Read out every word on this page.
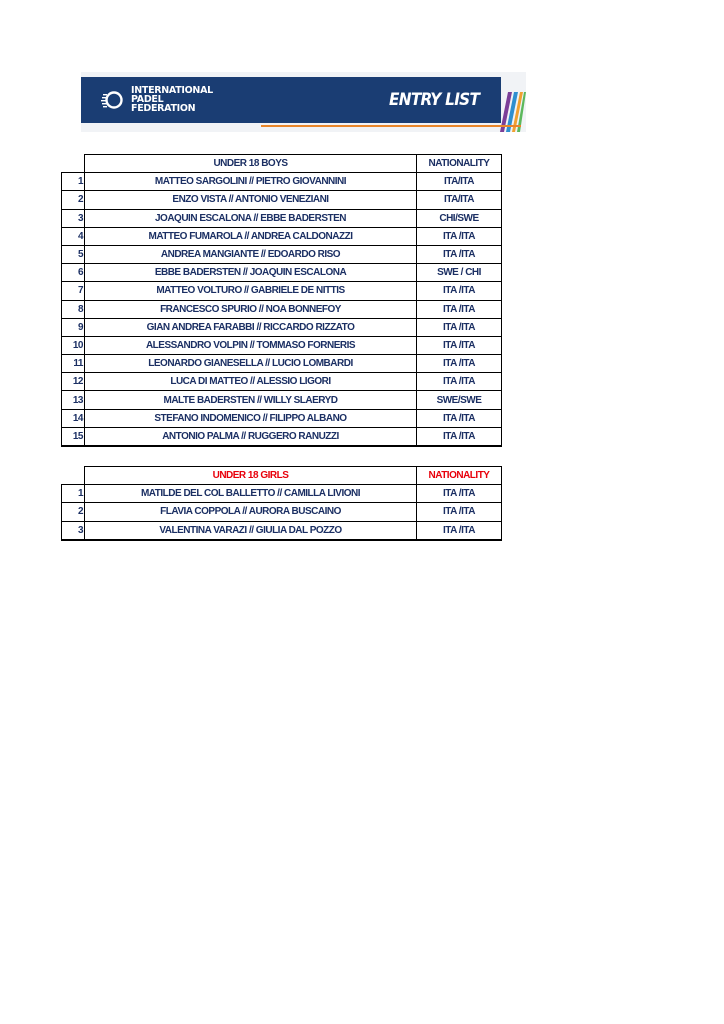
INTERNATIONAL
PADEL
FEDERATION	ENTRY LIST
	UNDER 18 BOYS	NATIONALITY
1	MATTEO SARGOLINI // PIETRO GIOVANNINI	ITA/ITA
2	ENZO VISTA // ANTONIO VENEZIANI	ITA/ITA
3	JOAQUIN ESCALONA // EBBE BADERSTEN	CHI/SWE
4	MATTEO FUMAROLA // ANDREA CALDONAZZI	ITA /ITA
5	ANDREA MANGIANTE // EDOARDO RISO	ITA /ITA
6	EBBE BADERSTEN // JOAQUIN ESCALONA	SWE / CHI
7	MATTEO VOLTURO // GABRIELE DE NITTIS	ITA /ITA
8	FRANCESCO SPURIO // NOA BONNEFOY	ITA /ITA
9	GIAN ANDREA FARABBI // RICCARDO RIZZATO	ITA /ITA
10	ALESSANDRO VOLPIN // TOMMASO FORNERIS	ITA /ITA
11	LEONARDO GIANESELLA // LUCIO LOMBARDI	ITA /ITA
12	LUCA DI MATTEO // ALESSIO LIGORI	ITA /ITA
13	MALTE BADERSTEN // WILLY SLAERYD	SWE/SWE
14	STEFANO INDOMENICO // FILIPPO ALBANO	ITA /ITA
15	ANTONIO PALMA // RUGGERO RANUZZI	ITA /ITA
	UNDER 18 GIRLS	NATIONALITY
1	MATILDE DEL COL BALLETTO // CAMILLA LIVIONI	ITA /ITA
2	FLAVIA COPPOLA // AURORA BUSCAINO	ITA /ITA
3	VALENTINA VARAZI // GIULIA DAL POZZO	ITA /ITA
